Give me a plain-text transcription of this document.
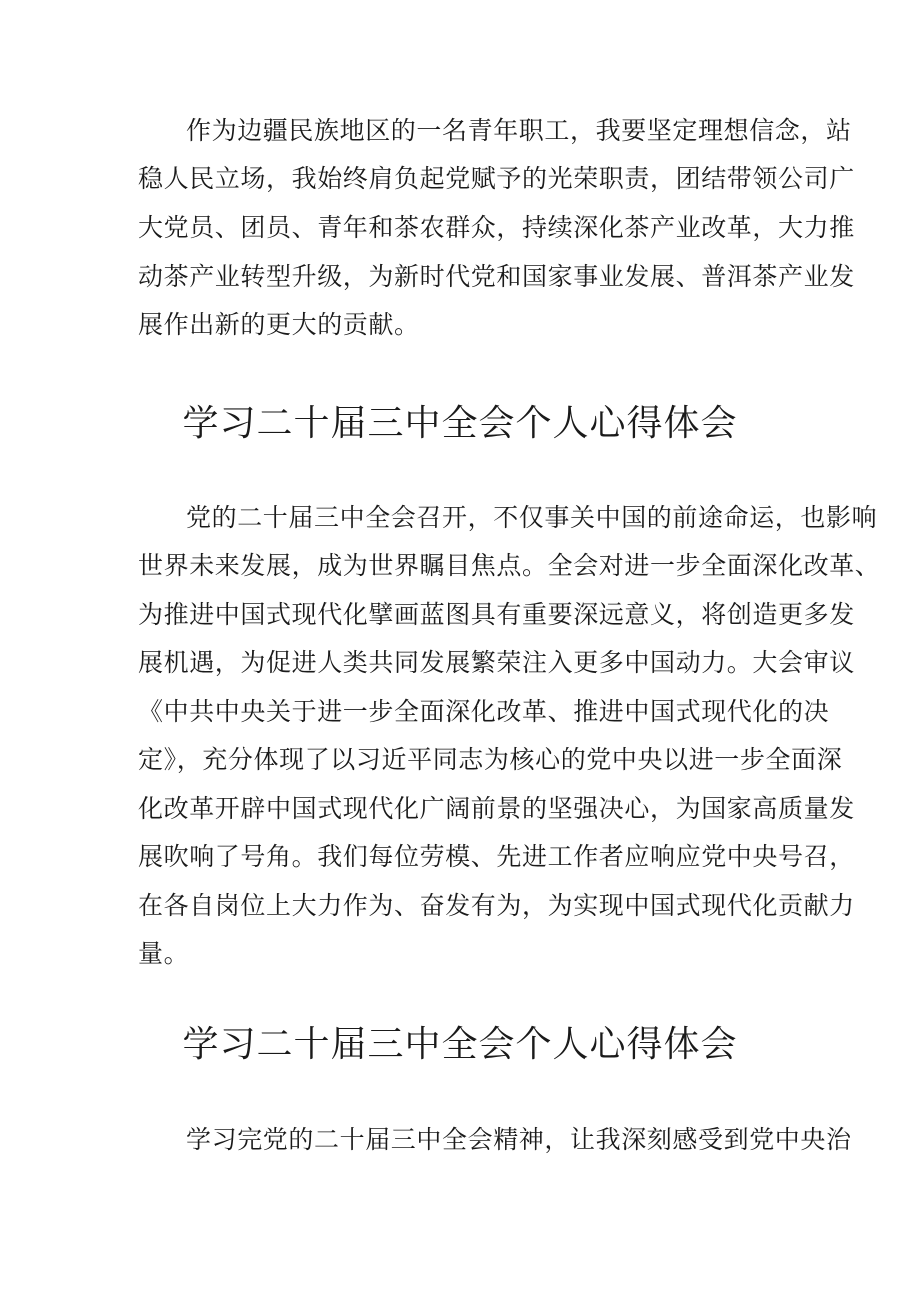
作为边疆民族地区的一名青年职工，我要坚定理想信念，站
稳人民立场，我始终肩负起党赋予的光荣职责，团结带领公司广
大党员、团员、青年和茶农群众，持续深化茶产业改革，大力推
动茶产业转型升级，为新时代党和国家事业发展、普洱茶产业发
展作出新的更大的贡献。
学习二十届三中全会个人心得体会
党的二十届三中全会召开，不仅事关中国的前途命运，也影响
世界未来发展，成为世界瞩目焦点。全会对进一步全面深化改革、
为推进中国式现代化擘画蓝图具有重要深远意义，将创造更多发
展机遇，为促进人类共同发展繁荣注入更多中国动力。大会审议
《中共中央关于进一步全面深化改革、推进中国式现代化的决
定》，充分体现了以习近平同志为核心的党中央以进一步全面深
化改革开辟中国式现代化广阔前景的坚强决心，为国家高质量发
展吹响了号角。我们每位劳模、先进工作者应响应党中央号召，
在各自岗位上大力作为、奋发有为，为实现中国式现代化贡献力
量。
学习二十届三中全会个人心得体会
学习完党的二十届三中全会精神，让我深刻感受到党中央治
